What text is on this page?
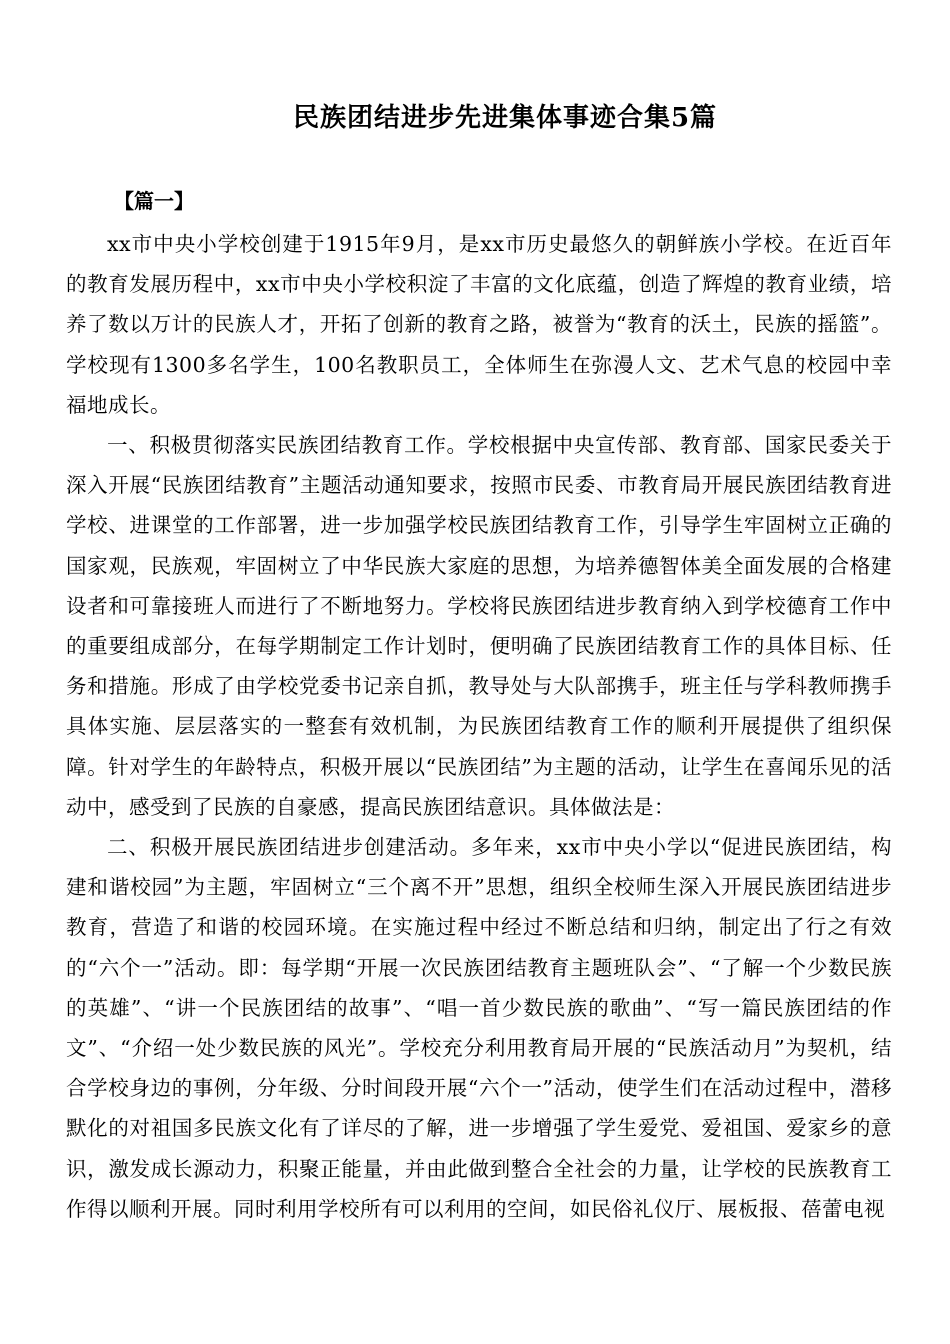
民族团结进步先进集体事迹合集5篇
【篇一】

xx市中央小学校创建于1915年9月，是xx市历史最悠久的朝鲜族小学校。在近百年的教育发展历程中，xx市中央小学校积淀了丰富的文化底蕴，创造了辉煌的教育业绩，培养了数以万计的民族人才，开拓了创新的教育之路，被誉为“教育的沃土，民族的摇篮”。学校现有1300多名学生，100名教职员工，全体师生在弥漫人文、艺术气息的校园中幸福地成长。

一、积极贯彻落实民族团结教育工作。学校根据中央宣传部、教育部、国家民委关于深入开展“民族团结教育”主题活动通知要求，按照市民委、市教育局开展民族团结教育进学校、进课堂的工作部署，进一步加强学校民族团结教育工作，引导学生牢固树立正确的国家观，民族观，牢固树立了中华民族大家庭的思想，为培养德智体美全面发展的合格建设者和可靠接班人而进行了不断地努力。学校将民族团结进步教育纳入到学校德育工作中的重要组成部分，在每学期制定工作计划时，便明确了民族团结教育工作的具体目标、任务和措施。形成了由学校党委书记亲自抓，教导处与大队部携手，班主任与学科教师携手具体实施、层层落实的一整套有效机制，为民族团结教育工作的顺利开展提供了组织保障。针对学生的年龄特点，积极开展以“民族团结”为主题的活动，让学生在喜闻乐见的活动中，感受到了民族的自豪感，提高民族团结意识。具体做法是：

二、积极开展民族团结进步创建活动。多年来，xx市中央小学以“促进民族团结，构建和谐校园”为主题，牢固树立“三个离不开”思想，组织全校师生深入开展民族团结进步教育，营造了和谐的校园环境。在实施过程中经过不断总结和归纳，制定出了行之有效的“六个一”活动。即：每学期“开展一次民族团结教育主题班队会”、“了解一个少数民族的英雄”、“讲一个民族团结的故事”、“唱一首少数民族的歌曲”、“写一篇民族团结的作文”、“介绍一处少数民族的风光”。学校充分利用教育局开展的“民族活动月”为契机，结合学校身边的事例，分年级、分时间段开展“六个一”活动，使学生们在活动过程中，潜移默化的对祖国多民族文化有了详尽的了解，进一步增强了学生爱党、爱祖国、爱家乡的意识，激发成长源动力，积聚正能量，并由此做到整合全社会的力量，让学校的民族教育工作得以顺利开展。同时利用学校所有可以利用的空间，如民俗礼仪厅、展板报、蓓蕾电视
